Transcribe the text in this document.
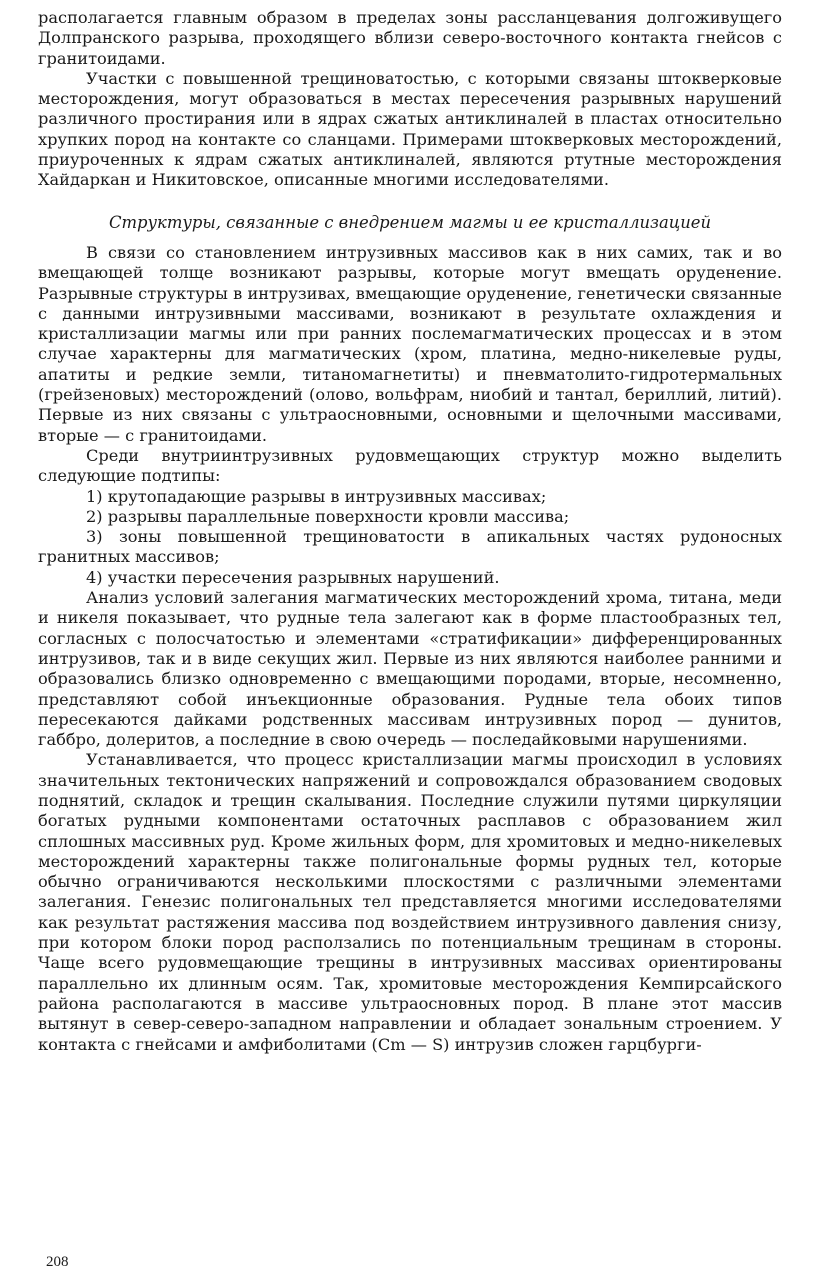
располагается главным образом в пределах зоны рассланцевания долгоживущего Долпранского разрыва, проходящего вблизи северо-восточного контакта гнейсов с гранитоидами.

Участки с повышенной трещиноватостью, с которыми связаны штокверковые месторождения, могут образоваться в местах пересечения разрывных нарушений различного простирания или в ядрах сжатых антиклиналей в пластах относительно хрупких пород на контакте со сланцами. Примерами штокверковых месторождений, приуроченных к ядрам сжатых антиклиналей, являются ртутные месторождения Хайдаркан и Никитовское, описанные многими исследователями.

Структуры, связанные с внедрением магмы и ее кристаллизацией

В связи со становлением интрузивных массивов как в них самих, так и во вмещающей толще возникают разрывы, которые могут вмещать оруденение. Разрывные структуры в интрузивах, вмещающие оруденение, генетически связанные с данными интрузивными массивами, возникают в результате охлаждения и кристаллизации магмы или при ранних послемагматических процессах и в этом случае характерны для магматических (хром, платина, медно-никелевые руды, апатиты и редкие земли, титаномагнетиты) и пневматолито-гидротермальных (грейзеновых) месторождений (олово, вольфрам, ниобий и тантал, бериллий, литий). Первые из них связаны с ультраосновными, основными и щелочными массивами, вторые — с гранитоидами.

Среди внутриинтрузивных рудовмещающих структур можно выделить следующие подтипы:

1) крутопадающие разрывы в интрузивных массивах;
2) разрывы параллельные поверхности кровли массива;
3) зоны повышенной трещиноватости в апикальных частях рудоносных гранитных массивов;
4) участки пересечения разрывных нарушений.

Анализ условий залегания магматических месторождений хрома, титана, меди и никеля показывает, что рудные тела залегают как в форме пластообразных тел, согласных с полосчатостью и элементами «стратификации» дифференцированных интрузивов, так и в виде секущих жил. Первые из них являются наиболее ранними и образовались близко одновременно с вмещающими породами, вторые, несомненно, представляют собой инъекционные образования. Рудные тела обоих типов пересекаются дайками родственных массивам интрузивных пород — дунитов, габбро, долеритов, а последние в свою очередь — последайковыми нарушениями.

Устанавливается, что процесс кристаллизации магмы происходил в условиях значительных тектонических напряжений и сопровождался образованием сводовых поднятий, складок и трещин скалывания. Последние служили путями циркуляции богатых рудными компонентами остаточных расплавов с образованием жил сплошных массивных руд. Кроме жильных форм, для хромитовых и медно-никелевых месторождений характерны также полигональные формы рудных тел, которые обычно ограничиваются несколькими плоскостями с различными элементами залегания. Генезис полигональных тел представляется многими исследователями как результат растяжения массива под воздействием интрузивного давления снизу, при котором блоки пород расползались по потенциальным трещинам в стороны. Чаще всего рудовмещающие трещины в интрузивных массивах ориентированы параллельно их длинным осям. Так, хромитовые месторождения Кемпирсайского района располагаются в массиве ультраосновных пород. В плане этот массив вытянут в север-северо-западном направлении и обладает зональным строением. У контакта с гнейсами и амфиболитами (Cm — S) интрузив сложен гарцбурги-

208
